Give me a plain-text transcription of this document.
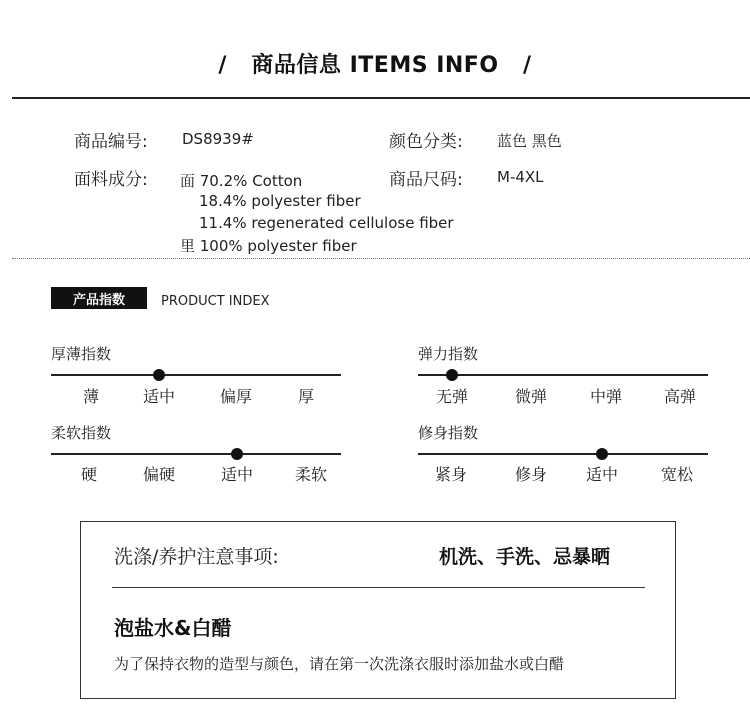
/   商品信息 ITEMS INFO   /
商品编号: DS8939#	颜色分类: 蓝色 黑色
面料成分: 面 70.2% Cotton
18.4% polyester fiber
11.4% regenerated cellulose fiber
里 100% polyester fiber
商品尺码: M-4XL
产品指数	PRODUCT INDEX
厚薄指数
薄	适中	偏厚	厚
弹力指数
无弹	微弹	中弹	高弹
柔软指数
硬	偏硬	适中	柔软
修身指数
紧身	修身 适中	宽松
洗涤/养护注意事项:	机洗、手洗、忌暴晒
泡盐水&白醋
为了保持衣物的造型与颜色，请在第一次洗涤衣服时添加盐水或白醋
